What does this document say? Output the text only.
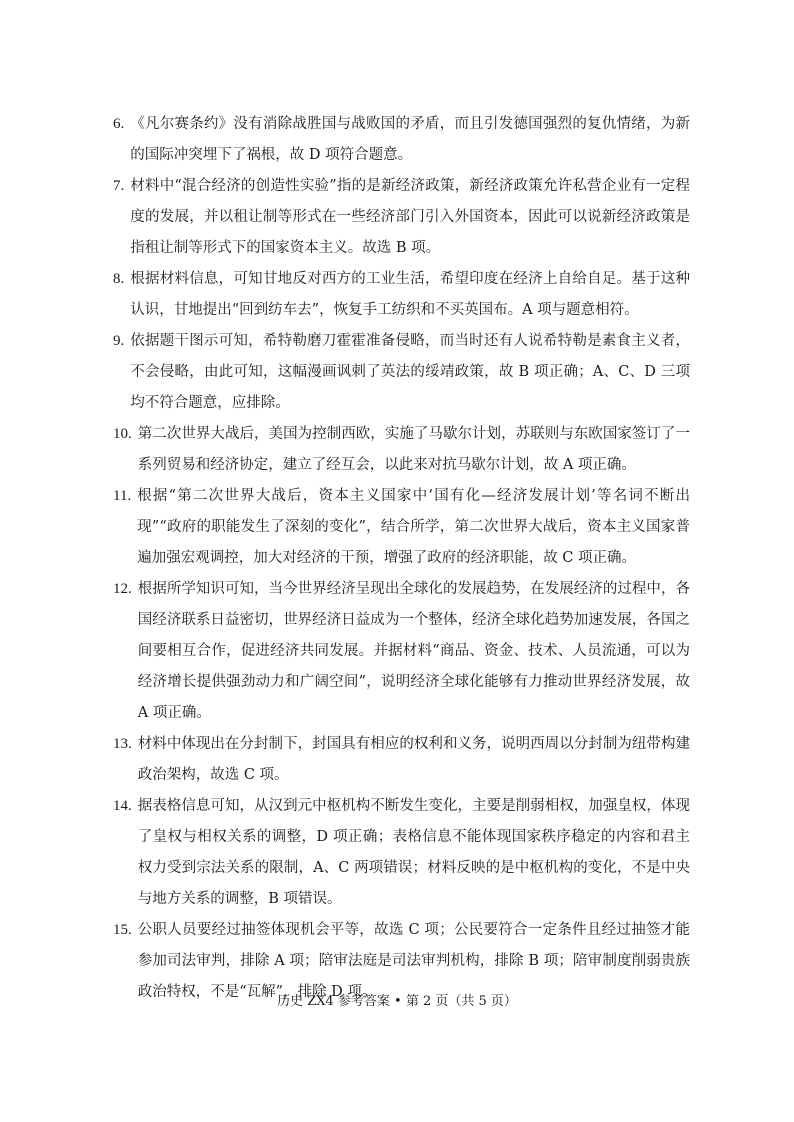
6. 《凡尔赛条约》没有消除战胜国与战败国的矛盾，而且引发德国强烈的复仇情绪，为新的国际冲突埋下了祸根，故 D 项符合题意。
7. 材料中“混合经济的创造性实验”指的是新经济政策，新经济政策允许私营企业有一定程度的发展，并以租让制等形式在一些经济部门引入外国资本，因此可以说新经济政策是指租让制等形式下的国家资本主义。故选 B 项。
8. 根据材料信息，可知甘地反对西方的工业生活，希望印度在经济上自给自足。基于这种认识，甘地提出“回到纺车去”，恢复手工纺织和不买英国布。A 项与题意相符。
9. 依据题干图示可知，希特勒磨刀霍霍准备侵略，而当时还有人说希特勒是素食主义者，不会侵略，由此可知，这幅漫画讽刺了英法的绥靖政策，故 B 项正确；A、C、D 三项均不符合题意，应排除。
10. 第二次世界大战后，美国为控制西欧，实施了马歇尔计划，苏联则与东欧国家签订了一系列贸易和经济协定，建立了经互会，以此来对抗马歇尔计划，故 A 项正确。
11. 根据“第二次世界大战后，资本主义国家中‘国有化—经济发展计划’等名词不断出现”“政府的职能发生了深刻的变化”，结合所学，第二次世界大战后，资本主义国家普遍加强宏观调控，加大对经济的干预，增强了政府的经济职能，故 C 项正确。
12. 根据所学知识可知，当今世界经济呈现出全球化的发展趋势，在发展经济的过程中，各国经济联系日益密切，世界经济日益成为一个整体，经济全球化趋势加速发展，各国之间要相互合作，促进经济共同发展。并据材料“商品、资金、技术、人员流通，可以为经济增长提供强劲动力和广阔空间”，说明经济全球化能够有力推动世界经济发展，故 A 项正确。
13. 材料中体现出在分封制下，封国具有相应的权利和义务，说明西周以分封制为纽带构建政治架构，故选 C 项。
14. 据表格信息可知，从汉到元中枢机构不断发生变化，主要是削弱相权，加强皇权，体现了皇权与相权关系的调整，D 项正确；表格信息不能体现国家秩序稳定的内容和君主权力受到宗法关系的限制，A、C 两项错误；材料反映的是中枢机构的变化，不是中央与地方关系的调整，B 项错误。
15. 公职人员要经过抽签体现机会平等，故选 C 项；公民要符合一定条件且经过抽签才能参加司法审判，排除 A 项；陪审法庭是司法审判机构，排除 B 项；陪审制度削弱贵族政治特权，不是“瓦解”，排除 D 项。
历史 ZX4 参考答案 • 第 2 页（共 5 页）
